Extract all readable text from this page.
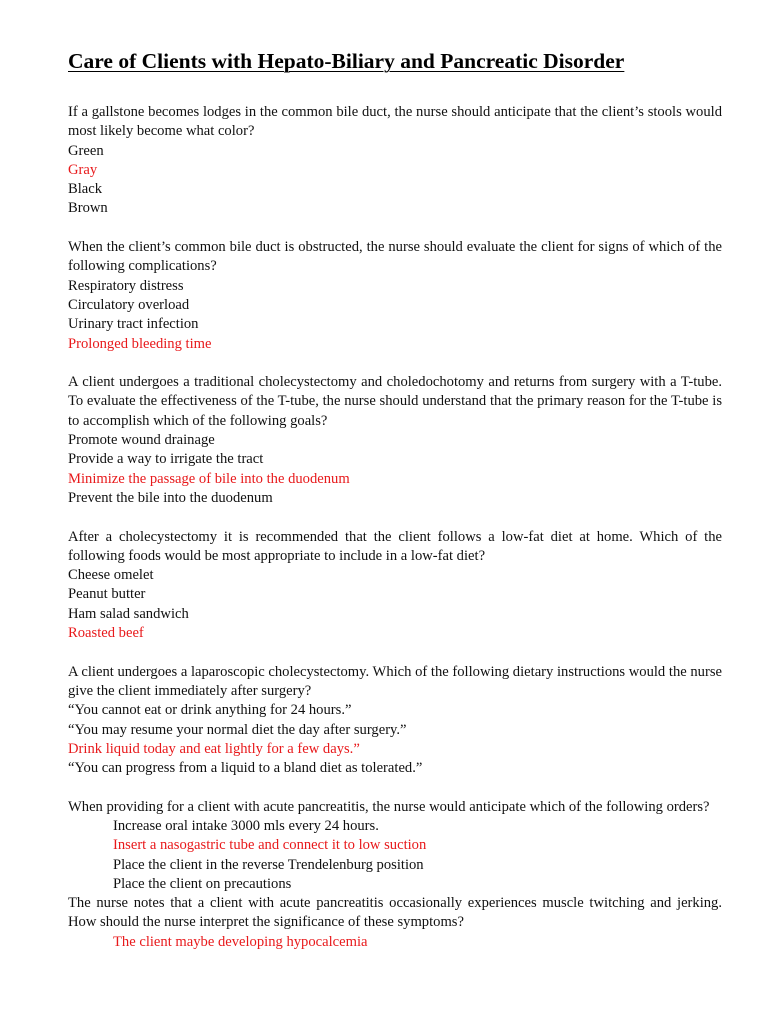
Care of Clients with Hepato-Biliary and Pancreatic Disorder

If a gallstone becomes lodges in the common bile duct, the nurse should anticipate that the client’s stools would most likely become what color?

Green

Gray

Black

Brown

When the client’s common bile duct is obstructed, the nurse should evaluate the client for signs of which of the following complications?

Respiratory distress

Circulatory overload

Urinary tract infection

Prolonged bleeding time

A client undergoes a traditional cholecystectomy and choledochotomy and returns from surgery with a T-tube. To evaluate the effectiveness of the T-tube, the nurse should understand that the primary reason for the T-tube is to accomplish which of the following goals?

Promote wound drainage

Provide a way to irrigate the tract

Minimize the passage of bile into the duodenum

Prevent the bile into the duodenum

After a cholecystectomy it is recommended that the client follows a low-fat diet at home. Which of the following foods would be most appropriate to include in a low-fat diet?

Cheese omelet

Peanut butter

Ham salad sandwich

Roasted beef

A client undergoes a laparoscopic cholecystectomy. Which of the following dietary instructions would the nurse give the client immediately after surgery?

“You cannot eat or drink anything for 24 hours.”

“You may resume your normal diet the day after surgery.”

Drink liquid today and eat lightly for a few days.”

“You can progress from a liquid to a bland diet as tolerated.”

When providing for a client with acute pancreatitis, the nurse would anticipate which of the following orders?

Increase oral intake 3000 mls every 24 hours.

Insert a nasogastric tube and connect it to low suction

Place the client in the reverse Trendelenburg position

Place the client on precautions

The nurse notes that a client with acute pancreatitis occasionally experiences muscle twitching and jerking. How should the nurse interpret the significance of these symptoms?

The client maybe developing hypocalcemia
